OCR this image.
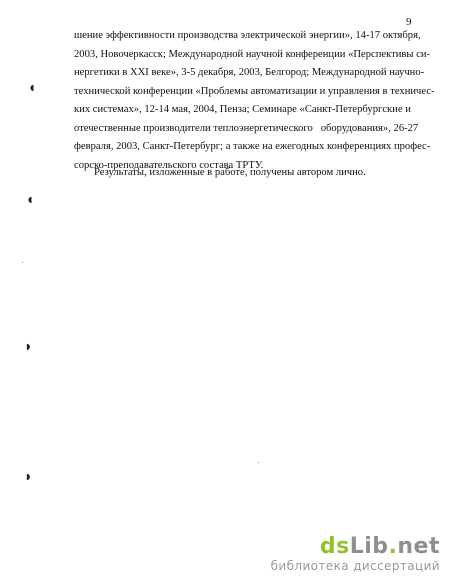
9
шение эффективности производства электрической энергии», 14-17 октября,
2003, Новочеркасск; Международной научной конференции «Перспективы си-
нергетики в XXI веке», 3-5 декабря, 2003, Белгород; Международной научно-
технической конференции «Проблемы автоматизации и управления в техничес-
ких системах», 12-14 мая, 2004, Пенза; Семинаре «Санкт-Петербургские и
отечественные производители теплоэнергетического   оборудования», 26-27
февраля, 2003, Санкт-Петербург; а также на ежегодных конференциях профес-
сорско-преподавательского состава ТРТУ.
Результаты, изложенные в работе, получены автором лично.
◖
◖
◗
◗
dsLib.net
библиотека диссертаций
